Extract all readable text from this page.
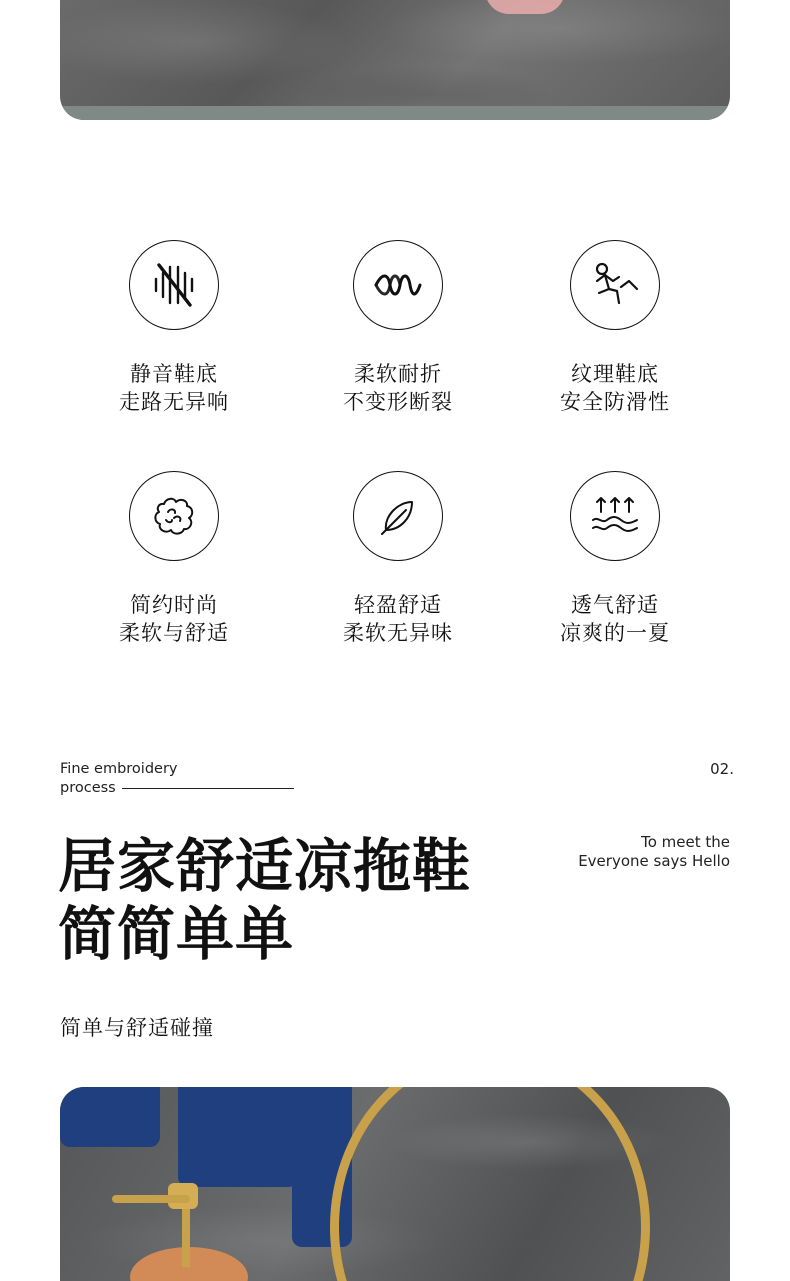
静音鞋底
走路无异响
柔软耐折
不变形断裂
纹理鞋底
安全防滑性
简约时尚
柔软与舒适
轻盈舒适
柔软无异味
透气舒适
凉爽的一夏
Fine embroidery
process
02.
To meet the
Everyone says Hello
居家舒适凉拖鞋
简简单单
简单与舒适碰撞
